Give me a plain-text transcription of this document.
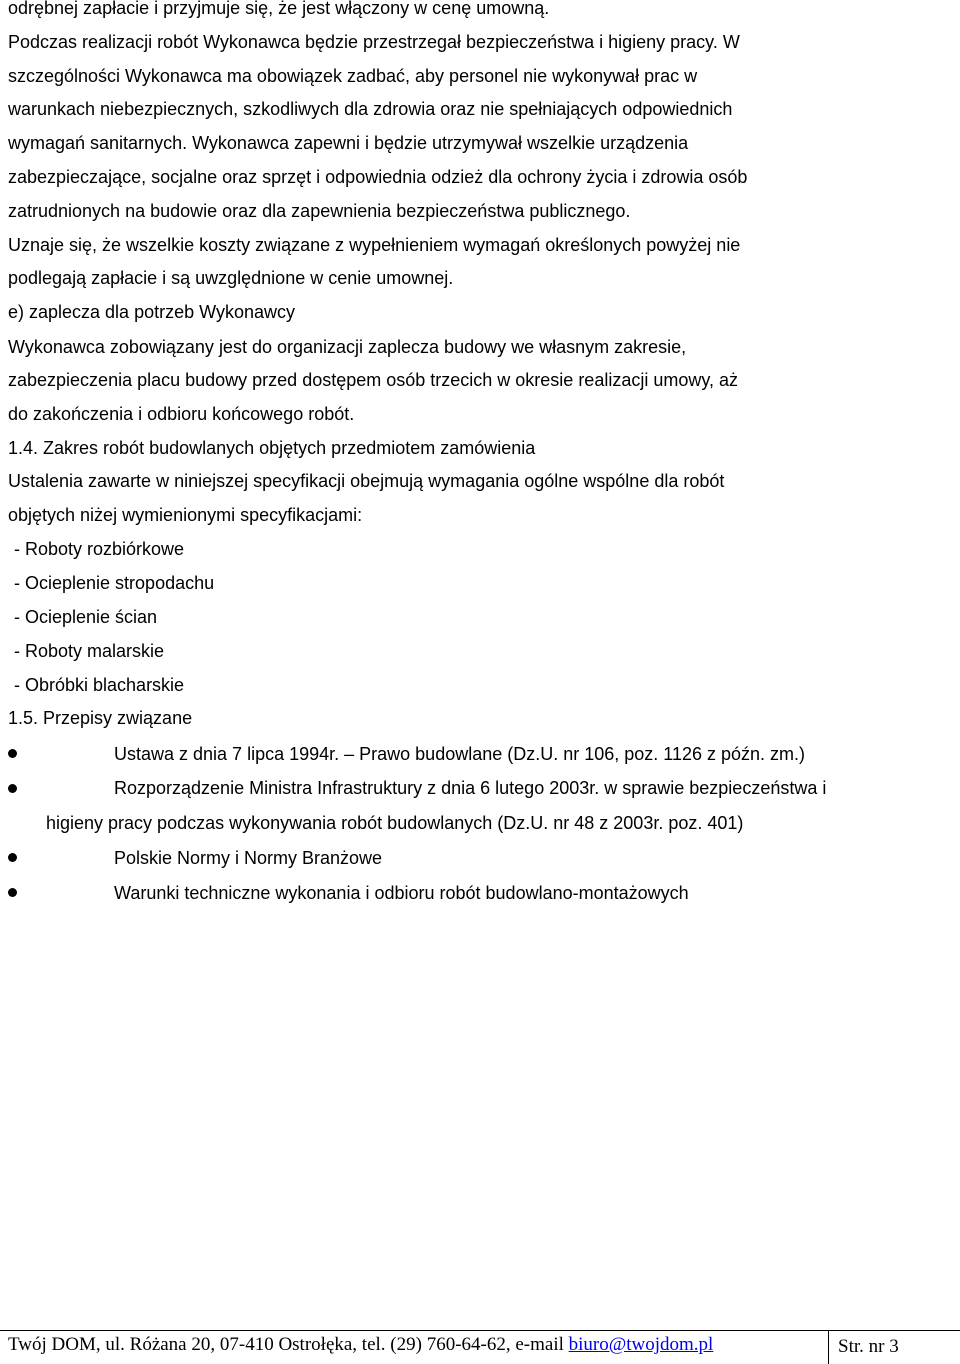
odrębnej zapłacie i przyjmuje się, że jest włączony w cenę umowną.
Podczas realizacji robót Wykonawca będzie przestrzegał bezpieczeństwa i higieny pracy. W
szczególności Wykonawca ma obowiązek zadbać, aby personel nie wykonywał prac w
warunkach niebezpiecznych, szkodliwych dla zdrowia oraz nie spełniających odpowiednich
wymagań sanitarnych. Wykonawca zapewni i będzie utrzymywał wszelkie urządzenia
zabezpieczające, socjalne oraz sprzęt i odpowiednia odzież dla ochrony życia i zdrowia osób
zatrudnionych na budowie oraz dla zapewnienia bezpieczeństwa publicznego.
Uznaje się, że wszelkie koszty związane z wypełnieniem wymagań określonych powyżej nie
podlegają zapłacie i są uwzględnione w cenie umownej.
e) zaplecza dla potrzeb Wykonawcy
Wykonawca zobowiązany jest do organizacji zaplecza budowy we własnym zakresie,
zabezpieczenia placu budowy przed dostępem osób trzecich w okresie realizacji umowy, aż
do zakończenia i odbioru końcowego robót.
1.4. Zakres robót budowlanych objętych przedmiotem zamówienia
Ustalenia zawarte w niniejszej specyfikacji obejmują wymagania ogólne wspólne dla robót
objętych niżej wymienionymi specyfikacjami:
- Roboty rozbiórkowe
- Ocieplenie stropodachu
- Ocieplenie ścian
- Roboty malarskie
- Obróbki blacharskie
1.5. Przepisy związane
Ustawa z dnia 7 lipca 1994r. – Prawo budowlane (Dz.U. nr 106, poz. 1126 z późn. zm.)
Rozporządzenie Ministra Infrastruktury z dnia 6 lutego 2003r. w sprawie bezpieczeństwa i
higieny pracy podczas wykonywania robót budowlanych (Dz.U. nr 48 z 2003r. poz. 401)
Polskie Normy i Normy Branżowe
Warunki techniczne wykonania i odbioru robót budowlano-montażowych
Twój DOM, ul. Różana 20, 07-410 Ostrołęka, tel. (29) 760-64-62, e-mail biuro@twojdom.pl	Str. nr 3
